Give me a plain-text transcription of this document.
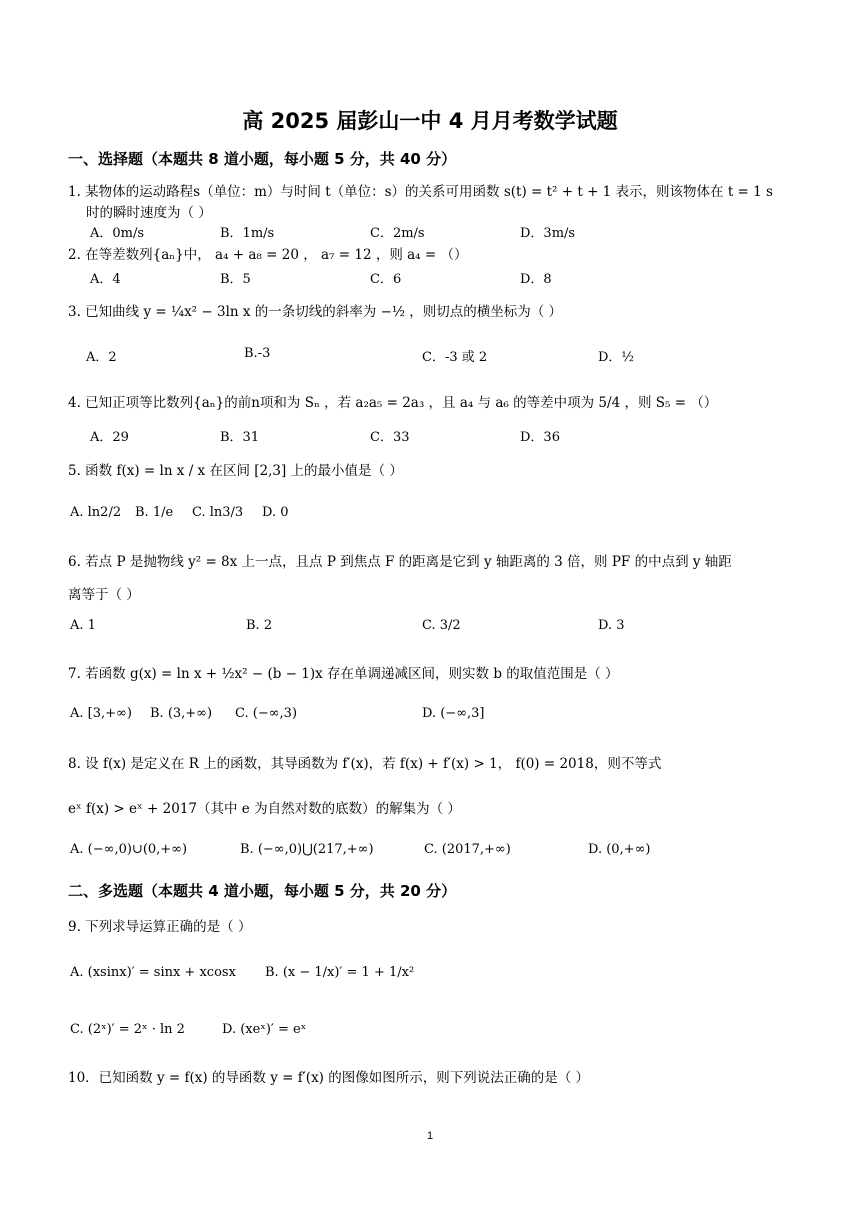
高 2025 届彭山一中 4 月月考数学试题
一、选择题（本题共 8 道小题，每小题 5 分，共 40 分）
1. 某物体的运动路程s（单位：m）与时间 t（单位：s）的关系可用函数 s(t) = t² + t + 1 表示，则该物体在 t = 1 s
时的瞬时速度为（ ）
A．0m/s	B．1m/s	C．2m/s	D．3m/s
2. 在等差数列{aₙ}中， a₄ + a₈ = 20 ， a₇ = 12 ，则 a₄ = （）
A．4	B．5	C．6	D．8
3. 已知曲线 y = ¼x² − 3ln x 的一条切线的斜率为 −½ ，则切点的横坐标为（ ）
A．2	B.-3	C．-3 或 2	D．½
4. 已知正项等比数列{aₙ}的前n项和为 Sₙ ，若 a₂a₅ = 2a₃ ，且 a₄ 与 a₆ 的等差中项为 5/4 ，则 S₅ = （）
A．29	B．31	C．33	D．36
5. 函数 f(x) = ln x / x 在区间 [2,3] 上的最小值是（ ）
A. ln2/2 B. 1/e C. ln3/3 D. 0
6. 若点 P 是抛物线 y² = 8x 上一点，且点 P 到焦点 F 的距离是它到 y 轴距离的 3 倍，则 PF 的中点到 y 轴距
离等于（ ）
A. 1	B. 2	C. 3/2	D. 3
7. 若函数 g(x) = ln x + ½x² − (b − 1)x 存在单调递减区间，则实数 b 的取值范围是（ ）
A. [3,+∞) B. (3,+∞) C. (−∞,3)	D. (−∞,3]
8. 设 f(x) 是定义在 R 上的函数，其导函数为 f′(x)，若 f(x) + f′(x) > 1， f(0) = 2018，则不等式
eˣ f(x) > eˣ + 2017（其中 e 为自然对数的底数）的解集为（ ）
A. (−∞,0)∪(0,+∞)	B. (−∞,0)⋃(217,+∞)	C. (2017,+∞)	D. (0,+∞)
二、多选题（本题共 4 道小题，每小题 5 分，共 20 分）
9. 下列求导运算正确的是（ ）
A. (xsinx)′ = sinx + xcosx B. (x − 1/x)′ = 1 + 1/x²
C. (2ˣ)′ = 2ˣ · ln 2	D. (xeˣ)′ = eˣ
10．已知函数 y = f(x) 的导函数 y = f′(x) 的图像如图所示，则下列说法正确的是（ ）
1
